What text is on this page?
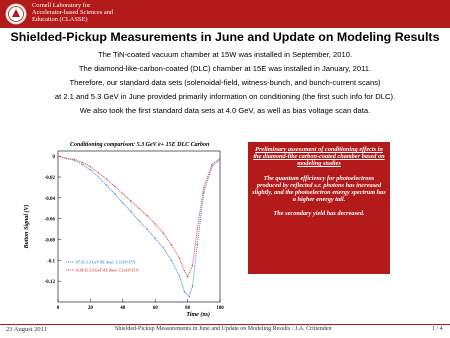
Cornell Laboratory for
Accelerator-based Sciences and
Education (CLASSE)
Shielded-Pickup Measurements in June and Update on Modeling Results
The TiN-coated vacuum chamber at 15W was installed in September, 2010.
The diamond-like-carbon-coated (DLC) chamber at 15E was installed in January, 2011.
Therefore, our standard data sets (solenoidal-field, witness-bunch, and bunch-current scans)
at 2.1 and 5.3 GeV in June provided primarily information on conditioning (the first such info for DLC).
We also took the first standard data sets at 4.0 GeV, as well as bias voltage scan data.
Conditioning comparison: 5.3 GeV e+ 15E DLC Carbon
0
-0.02
-0.04
-0.06
-0.08
-0.1
-0.12
0	20	40	60	80	100
07/11 5.3 GeV 8E dose: 3.7x10^{??}
6/10/11 5.3 GeV 8E dose: 7.5x10^{??}
Button Signal (V)
Time (ns)
Preliminary assessment of conditioning effects in the diamond-like carbon-coated chamber based on modeling studies

The quantum efficiency for photoelectrons produced by reflected s.r. photons has increased slightly, and the photoelectron energy spectrum has a higher energy tail.

The secondary yield has decreased.

23 August 2011	Shielded-Pickup Measurements in June and Update on Modeling Results / J.A. Crittenden	1 / 4
